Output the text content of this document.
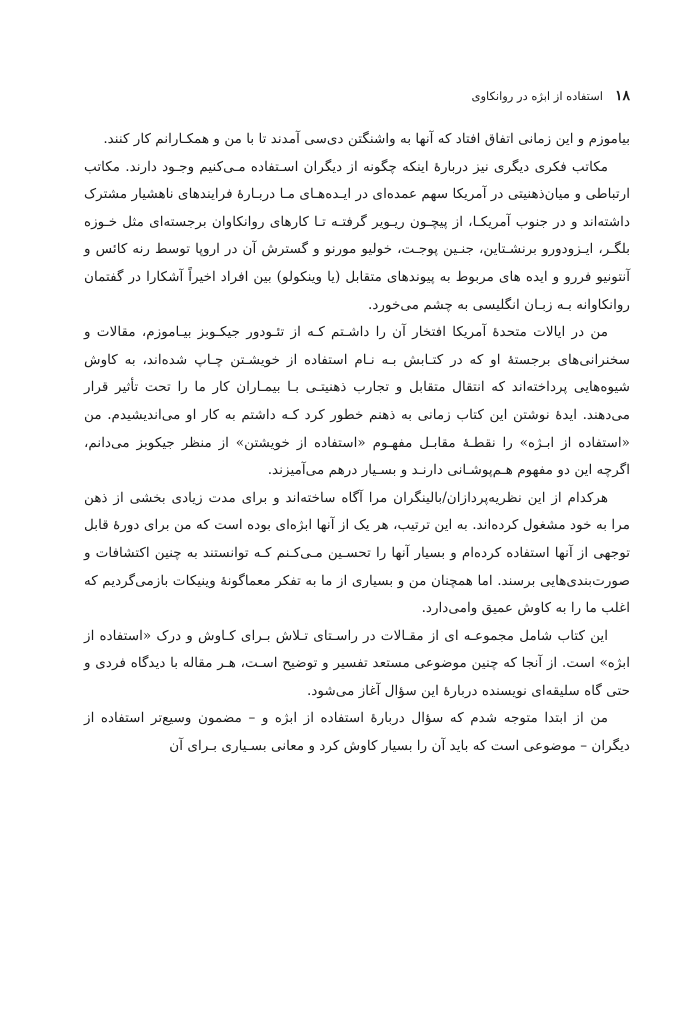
۱۸
استفاده از ابژه در روانکاوی

بیاموزم و این زمانی اتفاق افتاد که آنها به واشنگتن دی‌سی آمدند تا با من و همکـارانم کار کنند.

مکاتب فکری دیگری نیز دربارهٔ اینکه چگونه از دیگران اسـتفاده مـی‌کنیم وجـود دارند. مکاتب ارتباطی و میان‌ذهنیتی در آمریکا سهم عمده‌ای در ایـده‌هـای مـا دربـارهٔ فرایندهای ناهشیار مشترک داشته‌اند و در جنوب آمریکـا، از پیچـون ریـویر گرفتـه تـا کارهای روانکاوان برجسته‌ای مثل خـوزه بلگـر، ایـزودورو برنشـتاین، جنـین پوجـت، خولیو مورنو و گسترش آن در اروپا توسط رنه کائس و آنتونیو فررو و ایده های مربوط به پیوندهای متقابل (یا وینکولو) بین افراد اخیراً آشکارا در گفتمان روانکاوانه بـه زبـان انگلیسی به چشم می‌خورد.

من در ایالات متحدهٔ آمریکا افتخار آن را داشـتم کـه از تئـودور جیکـوبز بیـاموزم، مقالات و سخنرانی‌های برجستهٔ او که در کتـابش بـه نـام استفاده از خویشـتن چـاپ شده‌اند، به کاوش شیوه‌هایی پرداخته‌اند که انتقال متقابل و تجارب ذهنیتـی بـا بیمـاران کار ما را تحت تأثیر قرار می‌دهند. ایدهٔ نوشتن این کتاب زمانی به ذهنم خطور کرد کـه داشتم به کار او می‌اندیشیدم. من «استفاده از ابـژه» را نقطـهٔ مقابـل مفهـوم «استفاده از خویشتن» از منظر جیکوبز می‌دانم، اگرچه این دو مفهوم هـم‌پوشـانی دارنـد و بسـیار درهم می‌آمیزند.

هرکدام از این نظریه‌پردازان/بالینگران مرا آگاه ساخته‌اند و برای مدت زیادی بخشی از ذهن مرا به خود مشغول کرده‌اند. به این ترتیب، هر یک از آنها ابژه‌ای بوده است که من برای دورهٔ قابل توجهی از آنها استفاده کرده‌ام و بسیار آنها را تحسـین مـی‌کـنم کـه توانستند به چنین اکتشافات و صورت‌بندی‌هایی برسند. اما همچنان من و بسیاری از ما به تفکر معماگونهٔ وینیکات بازمی‌گردیم که اغلب ما را به کاوش عمیق وامی‌دارد.

این کتاب شامل مجموعـه ای از مقـالات در راسـتای تـلاش بـرای کـاوش و درک «استفاده از ابژه» است. از آنجا که چنین موضوعی مستعد تفسیر و توضیح اسـت، هـر مقاله با دیدگاه فردی و حتی گاه سلیقه‌ای نویسنده دربارهٔ این سؤال آغاز می‌شود.

من از ابتدا متوجه شدم که سؤال دربارهٔ استفاده از ابژه و – مضمون وسیع‌تر استفاده از دیگران – موضوعی است که باید آن را بسیار کاوش کرد و معانی بسـیاری بـرای آن
